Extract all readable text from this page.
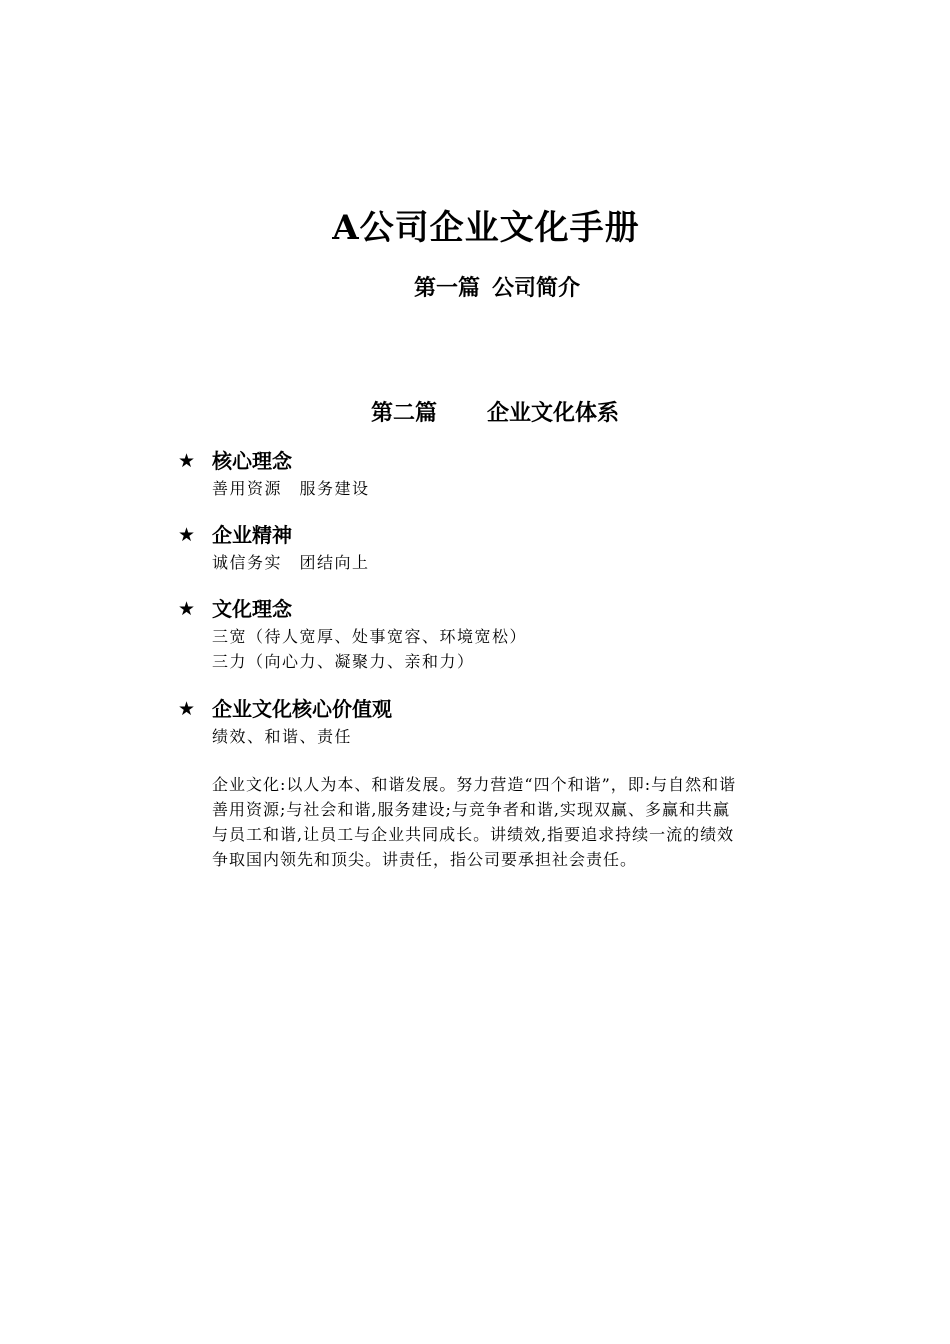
A公司企业文化手册
第一篇 公司简介
第二篇 企业文化体系
★ 核心理念
善用资源　服务建设
★ 企业精神
诚信务实　团结向上
★ 文化理念
三宽（待人宽厚、处事宽容、环境宽松）
三力（向心力、凝聚力、亲和力）
★ 企业文化核心价值观
绩效、和谐、责任
企业文化:以人为本、和谐发展。努力营造“四个和谐”，即:与自然和谐
善用资源;与社会和谐,服务建设;与竞争者和谐,实现双赢、多赢和共赢
与员工和谐,让员工与企业共同成长。讲绩效,指要追求持续一流的绩效
争取国内领先和顶尖。讲责任，指公司要承担社会责任。
